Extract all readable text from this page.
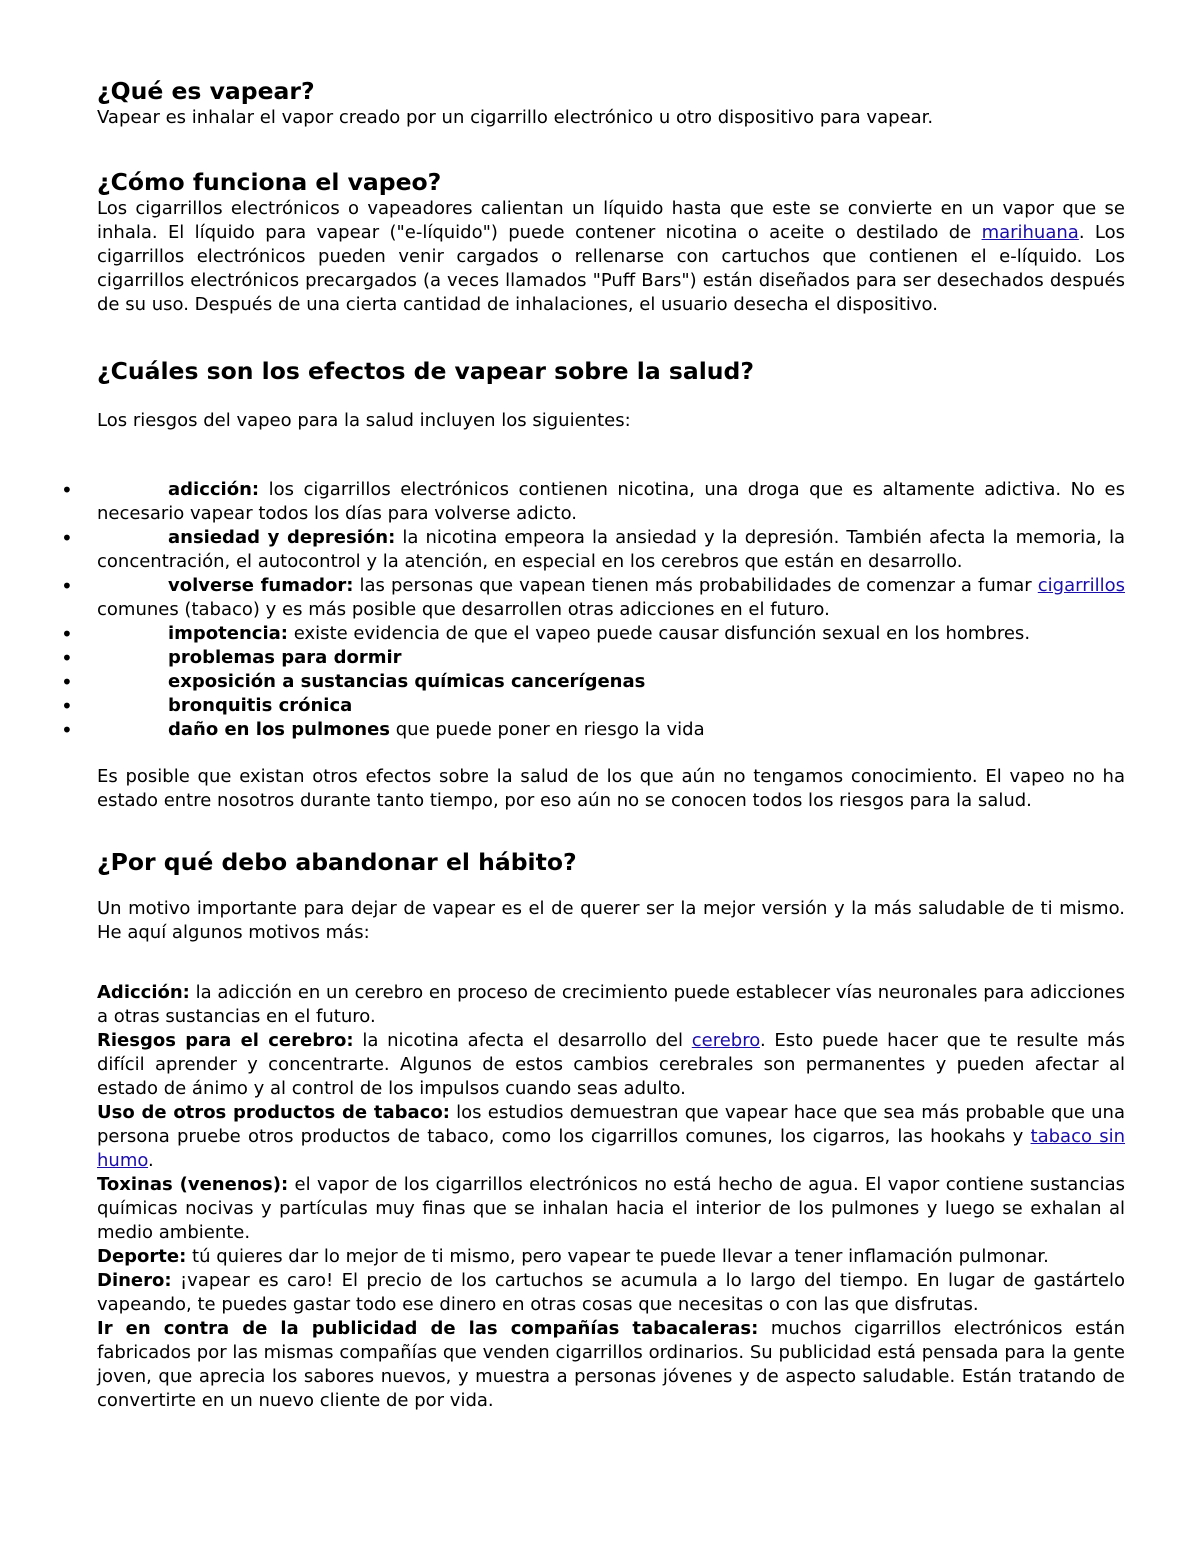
¿Qué es vapear?

Vapear es inhalar el vapor creado por un cigarrillo electrónico u otro dispositivo para vapear.

¿Cómo funciona el vapeo?

Los cigarrillos electrónicos o vapeadores calientan un líquido hasta que este se convierte en un vapor que se inhala. El líquido para vapear ("e-líquido") puede contener nicotina o aceite o destilado de marihuana. Los cigarrillos electrónicos pueden venir cargados o rellenarse con cartuchos que contienen el e-líquido. Los cigarrillos electrónicos precargados (a veces llamados "Puff Bars") están diseñados para ser desechados después de su uso. Después de una cierta cantidad de inhalaciones, el usuario desecha el dispositivo.

¿Cuáles son los efectos de vapear sobre la salud?

Los riesgos del vapeo para la salud incluyen los siguientes:

• adicción: los cigarrillos electrónicos contienen nicotina, una droga que es altamente adictiva. No es necesario vapear todos los días para volverse adicto.
• ansiedad y depresión: la nicotina empeora la ansiedad y la depresión. También afecta la memoria, la concentración, el autocontrol y la atención, en especial en los cerebros que están en desarrollo.
• volverse fumador: las personas que vapean tienen más probabilidades de comenzar a fumar cigarrillos comunes (tabaco) y es más posible que desarrollen otras adicciones en el futuro.
• impotencia: existe evidencia de que el vapeo puede causar disfunción sexual en los hombres.
• problemas para dormir
• exposición a sustancias químicas cancerígenas
• bronquitis crónica
• daño en los pulmones que puede poner en riesgo la vida

Es posible que existan otros efectos sobre la salud de los que aún no tengamos conocimiento. El vapeo no ha estado entre nosotros durante tanto tiempo, por eso aún no se conocen todos los riesgos para la salud.

¿Por qué debo abandonar el hábito?

Un motivo importante para dejar de vapear es el de querer ser la mejor versión y la más saludable de ti mismo. He aquí algunos motivos más:

Adicción: la adicción en un cerebro en proceso de crecimiento puede establecer vías neuronales para adicciones a otras sustancias en el futuro.

Riesgos para el cerebro: la nicotina afecta el desarrollo del cerebro. Esto puede hacer que te resulte más difícil aprender y concentrarte. Algunos de estos cambios cerebrales son permanentes y pueden afectar al estado de ánimo y al control de los impulsos cuando seas adulto.

Uso de otros productos de tabaco: los estudios demuestran que vapear hace que sea más probable que una persona pruebe otros productos de tabaco, como los cigarrillos comunes, los cigarros, las hookahs y tabaco sin humo.

Toxinas (venenos): el vapor de los cigarrillos electrónicos no está hecho de agua. El vapor contiene sustancias químicas nocivas y partículas muy finas que se inhalan hacia el interior de los pulmones y luego se exhalan al medio ambiente.

Deporte: tú quieres dar lo mejor de ti mismo, pero vapear te puede llevar a tener inflamación pulmonar.

Dinero: ¡vapear es caro! El precio de los cartuchos se acumula a lo largo del tiempo. En lugar de gastártelo vapeando, te puedes gastar todo ese dinero en otras cosas que necesitas o con las que disfrutas.

Ir en contra de la publicidad de las compañías tabacaleras: muchos cigarrillos electrónicos están fabricados por las mismas compañías que venden cigarrillos ordinarios. Su publicidad está pensada para la gente joven, que aprecia los sabores nuevos, y muestra a personas jóvenes y de aspecto saludable. Están tratando de convertirte en un nuevo cliente de por vida.
